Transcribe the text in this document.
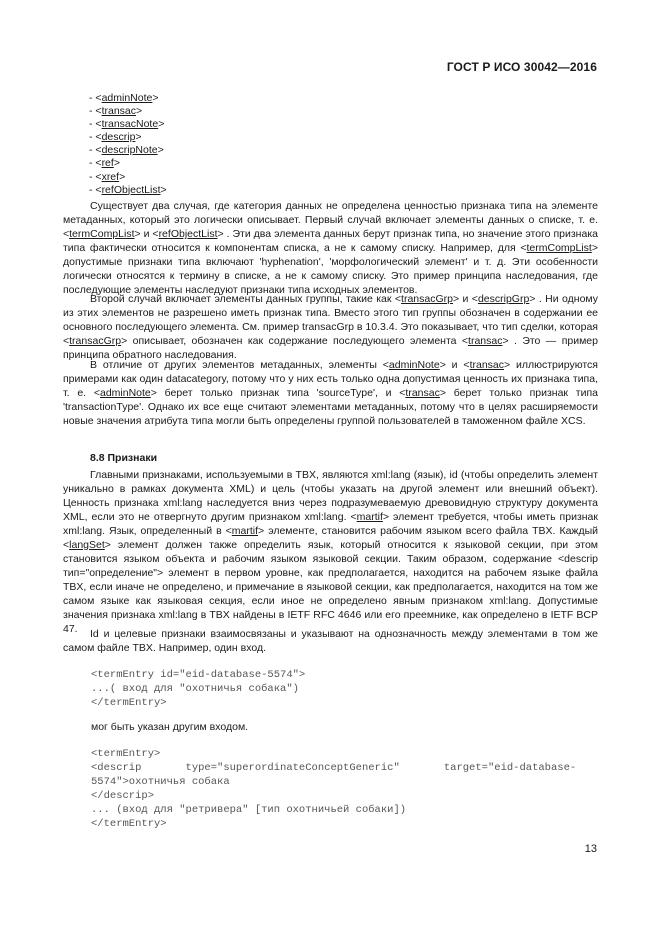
ГОСТ Р ИСО 30042—2016
- <adminNote>
- <transac>
- <transacNote>
- <descrip>
- <descripNote>
- <ref>
- <xref>
- <refObjectList>

Существует два случая, где категория данных не определена ценностью признака типа на элементе метаданных, который это логически описывает. Первый случай включает элементы данных о списке, т. е. <termCompList> и <refObjectList> . Эти два элемента данных берут признак типа, но значение этого признака типа фактически относится к компонентам списка, а не к самому списку. Например, для <termCompList> допустимые признаки типа включают 'hyphenation', 'морфологический элемент' и т. д. Эти особенности логически относятся к термину в списке, а не к самому списку. Это пример принципа наследования, где последующие элементы наследуют признаки типа исходных элементов.

Второй случай включает элементы данных группы, такие как <transacGrp> и <descripGrp> . Ни одному из этих элементов не разрешено иметь признак типа. Вместо этого тип группы обозначен в содержании ее основного последующего элемента. См. пример transacGrp в 10.3.4. Это показывает, что тип сделки, которая <transacGrp> описывает, обозначен как содержание последующего элемента <transac> . Это — пример принципа обратного наследования.

В отличие от других элементов метаданных, элементы <adminNote> и <transac> иллюстрируются примерами как один datacategory, потому что у них есть только одна допустимая ценность их признака типа, т. е. <adminNote> берет только признак типа 'sourceType', и <transac> берет только признак типа 'transactionType'. Однако их все еще считают элементами метаданных, потому что в целях расширяемости новые значения атрибута типа могли быть определены группой пользователей в таможенном файле XCS.

8.8 Признаки

Главными признаками, используемыми в TBX, являются xml:lang (язык), id (чтобы определить элемент уникально в рамках документа XML) и цель (чтобы указать на другой элемент или внешний объект). Ценность признака xml:lang наследуется вниз через подразумеваемую древовидную структуру документа XML, если это не отвергнуто другим признаком xml:lang. <martif> элемент требуется, чтобы иметь признак xml:lang. Язык, определенный в <martif> элементе, становится рабочим языком всего файла TBX. Каждый <langSet> элемент должен также определить язык, который относится к языковой секции, при этом становится языком объекта и рабочим языком языковой секции. Таким образом, содержание <descrip тип="определение"> элемент в первом уровне, как предполагается, находится на рабочем языке файла TBX, если иначе не определено, и примечание в языковой секции, как предполагается, находится на том же самом языке как языковая секция, если иное не определено явным признаком xml:lang. Допустимые значения признака xml:lang в TBX найдены в IETF RFC 4646 или его преемнике, как определено в IETF BCP 47.	Id и целевые признаки взаимосвязаны и указывают на однозначность между элементами в том же самом файле TBX. Например, один вход.

<termEntry id="eid-database-5574">
...( вход для "охотничья собака")
</termEntry>
мог быть указан другим входом.
<termEntry>
<descrip       type="superordinateConceptGeneric"       target="eid-database-
5574">охотничья собака
</descrip>
... (вход для "ретривера" [тип охотничьей собаки])
</termEntry>
13
